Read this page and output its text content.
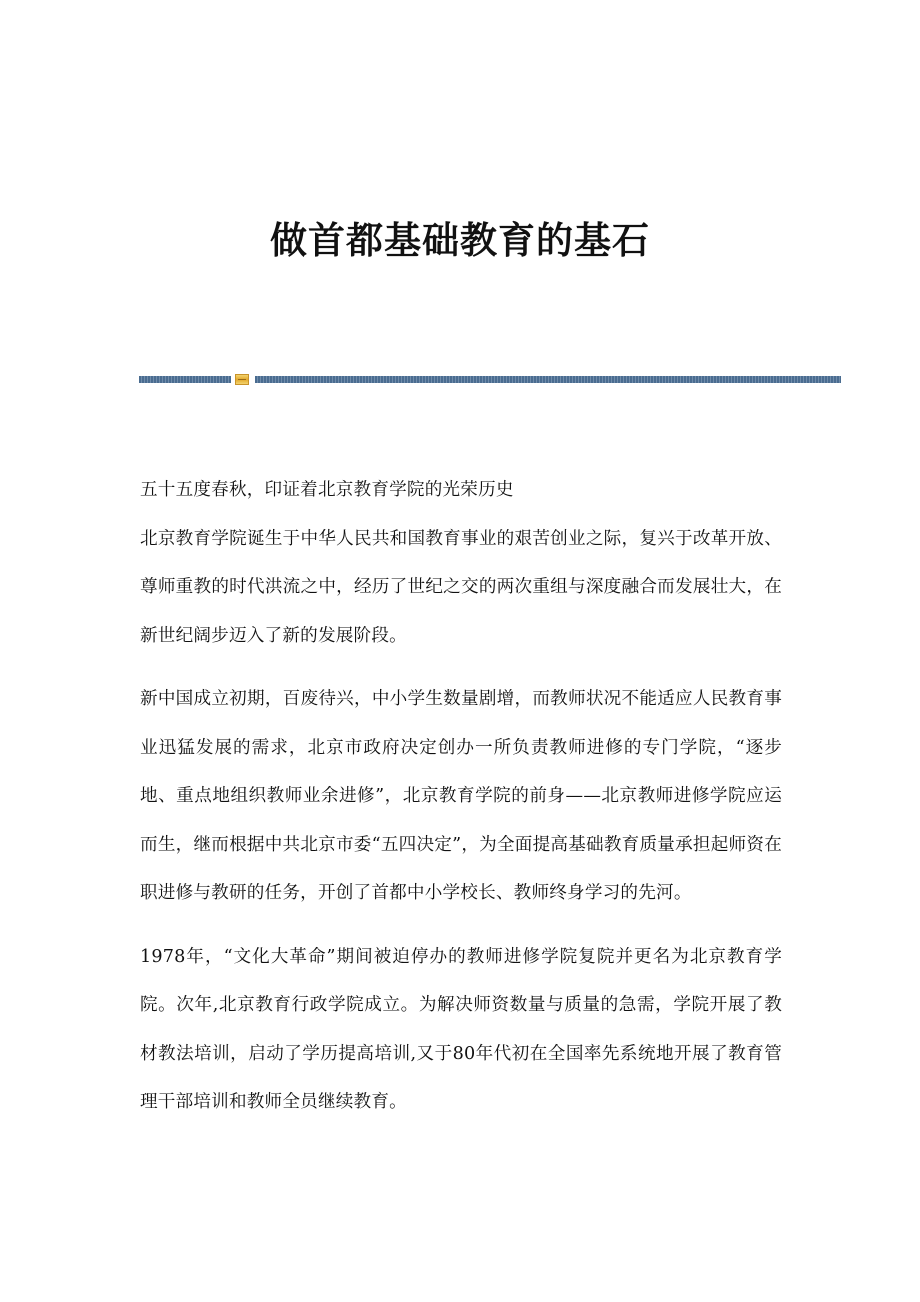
做首都基础教育的基石

五十五度春秋，印证着北京教育学院的光荣历史

北京教育学院诞生于中华人民共和国教育事业的艰苦创业之际，复兴于改革开放、尊师重教的时代洪流之中，经历了世纪之交的两次重组与深度融合而发展壮大，在新世纪阔步迈入了新的发展阶段。

新中国成立初期，百废待兴，中小学生数量剧增，而教师状况不能适应人民教育事业迅猛发展的需求，北京市政府决定创办一所负责教师进修的专门学院，“逐步地、重点地组织教师业余进修”，北京教育学院的前身——北京教师进修学院应运而生，继而根据中共北京市委“五四决定”，为全面提高基础教育质量承担起师资在职进修与教研的任务，开创了首都中小学校长、教师终身学习的先河。

1978年，“文化大革命”期间被迫停办的教师进修学院复院并更名为北京教育学院。次年,北京教育行政学院成立。为解决师资数量与质量的急需，学院开展了教材教法培训，启动了学历提高培训,又于80年代初在全国率先系统地开展了教育管理干部培训和教师全员继续教育。
